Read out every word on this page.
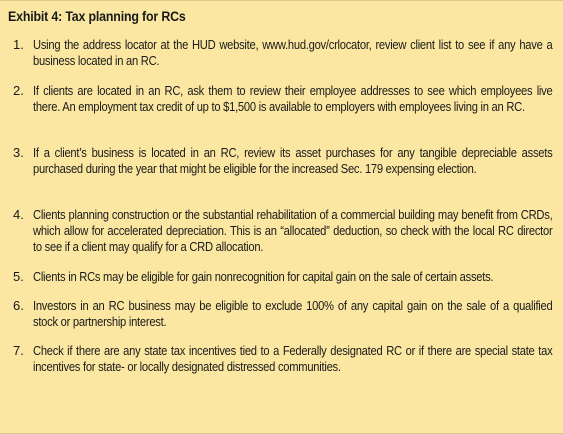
Exhibit 4: Tax planning for RCs
1. Using the address locator at the HUD website, www.hud.gov/crlocator, review client list to see if any have a business located in an RC.
2. If clients are located in an RC, ask them to review their employee addresses to see which employees live there. An employment tax credit of up to $1,500 is available to employers with employees living in an RC.
3. If a client’s business is located in an RC, review its asset purchases for any tangible depreciable assets purchased during the year that might be eligible for the increased Sec. 179 expensing election.
4. Clients planning construction or the substantial rehabilitation of a commercial building may benefit from CRDs, which allow for accelerated depreciation. This is an “allocated” deduction, so check with the local RC director to see if a client may qualify for a CRD allocation.
5. Clients in RCs may be eligible for gain nonrecognition for capital gain on the sale of certain assets.
6. Investors in an RC business may be eligible to exclude 100% of any capital gain on the sale of a qualified stock or partnership interest.
7. Check if there are any state tax incentives tied to a Federally designated RC or if there are special state tax incentives for state- or locally designated distressed communities.
